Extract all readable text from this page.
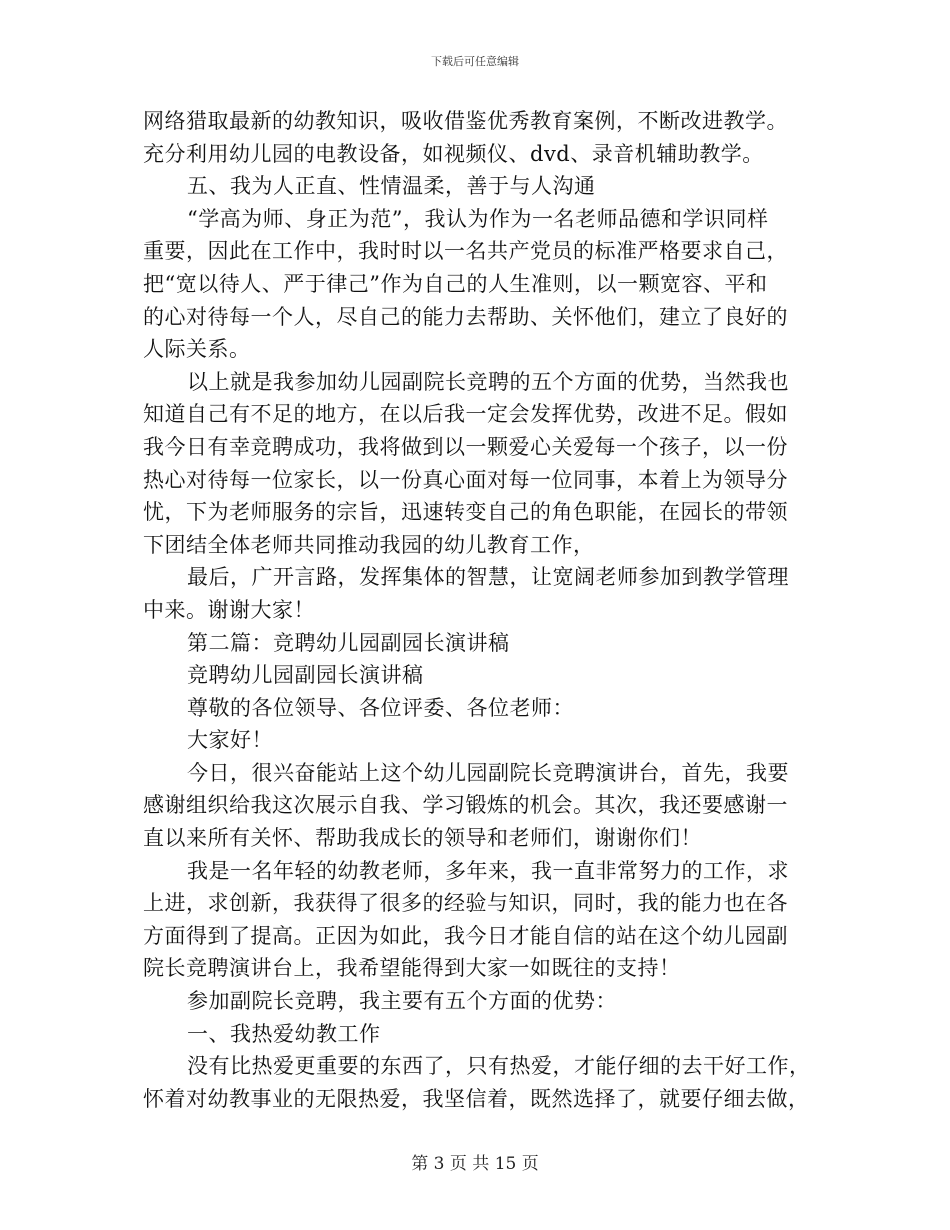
下载后可任意编辑
网络猎取最新的幼教知识，吸收借鉴优秀教育案例，不断改进教学。
充分利用幼儿园的电教设备，如视频仪、dvd、录音机辅助教学。
五、我为人正直、性情温柔，善于与人沟通
“学高为师、身正为范”，我认为作为一名老师品德和学识同样
重要，因此在工作中，我时时以一名共产党员的标准严格要求自己，
把“宽以待人、严于律己”作为自己的人生准则，以一颗宽容、平和
的心对待每一个人，尽自己的能力去帮助、关怀他们，建立了良好的
人际关系。
以上就是我参加幼儿园副院长竞聘的五个方面的优势，当然我也
知道自己有不足的地方，在以后我一定会发挥优势，改进不足。假如
我今日有幸竞聘成功，我将做到以一颗爱心关爱每一个孩子，以一份
热心对待每一位家长，以一份真心面对每一位同事，本着上为领导分
忧，下为老师服务的宗旨，迅速转变自己的角色职能，在园长的带领
下团结全体老师共同推动我园的幼儿教育工作，
最后，广开言路，发挥集体的智慧，让宽阔老师参加到教学管理
中来。谢谢大家！
第二篇：竞聘幼儿园副园长演讲稿
竞聘幼儿园副园长演讲稿
尊敬的各位领导、各位评委、各位老师：
大家好！
今日，很兴奋能站上这个幼儿园副院长竞聘演讲台，首先，我要
感谢组织给我这次展示自我、学习锻炼的机会。其次，我还要感谢一
直以来所有关怀、帮助我成长的领导和老师们，谢谢你们！
我是一名年轻的幼教老师，多年来，我一直非常努力的工作，求
上进，求创新，我获得了很多的经验与知识，同时，我的能力也在各
方面得到了提高。正因为如此，我今日才能自信的站在这个幼儿园副
院长竞聘演讲台上，我希望能得到大家一如既往的支持！
参加副院长竞聘，我主要有五个方面的优势：
一、我热爱幼教工作
没有比热爱更重要的东西了，只有热爱，才能仔细的去干好工作，
怀着对幼教事业的无限热爱，我坚信着，既然选择了，就要仔细去做，
第 3 页 共 15 页
